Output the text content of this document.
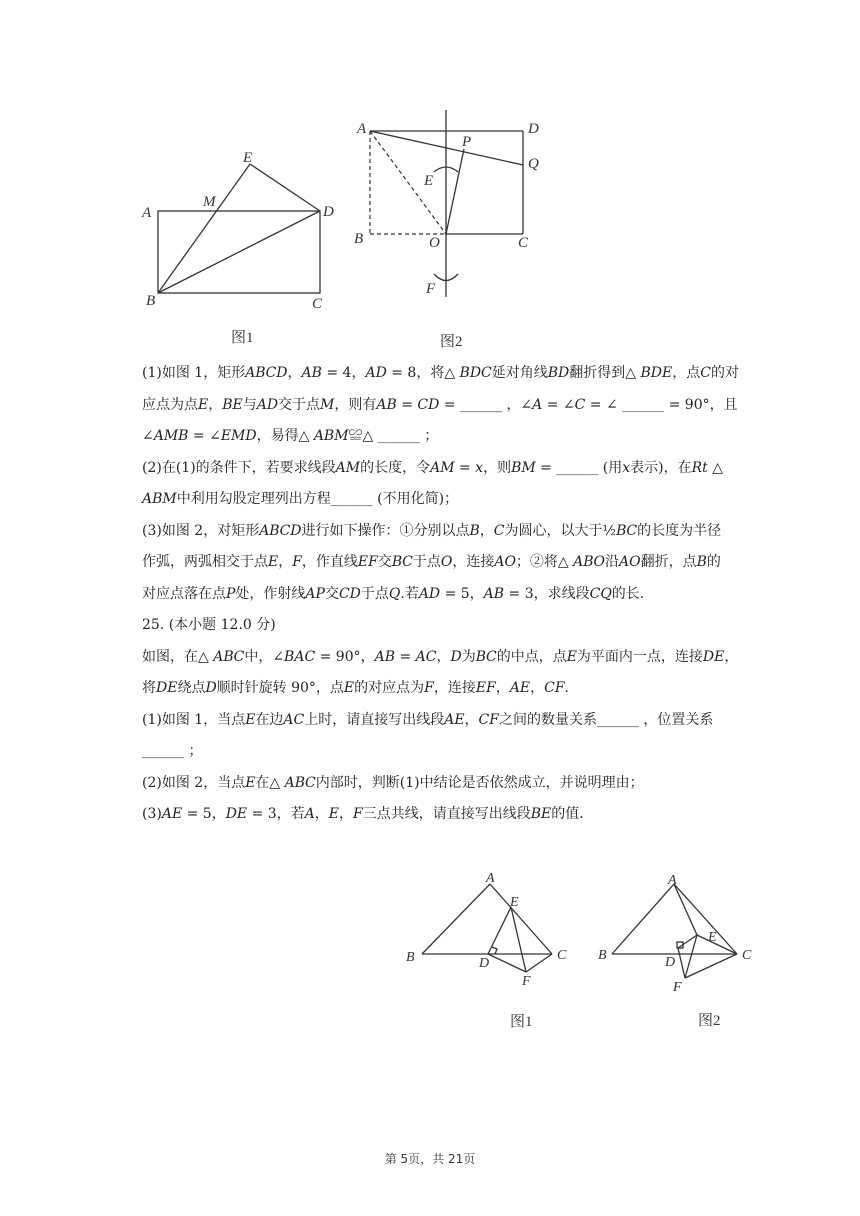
A
B	C
D
E
M
图1
A
B	C
D
P
Q
E
F
O
图2
(1)如图 1，矩形𝐴𝐵𝐶𝐷，𝐴𝐵 = 4，𝐴𝐷 = 8，将△ 𝐵𝐷𝐶延对角线𝐵𝐷翻折得到△ 𝐵𝐷𝐸，点𝐶的对
应点为点𝐸，𝐵𝐸与𝐴𝐷交于点𝑀，则有𝐴𝐵 = 𝐶𝐷 = ______ ，∠𝐴 = ∠𝐶 = ∠ ______ = 90°，且
∠𝐴𝑀𝐵 = ∠𝐸𝑀𝐷，易得△ 𝐴𝐵𝑀≌△ ______ ；
(2)在(1)的条件下，若要求线段𝐴𝑀的长度，令𝐴𝑀 = 𝑥，则𝐵𝑀 = ______ (用𝑥表示)，在𝑅𝑡 △
𝐴𝐵𝑀中利用勾股定理列出方程______ (不用化简)；
(3)如图 2，对矩形𝐴𝐵𝐶𝐷进行如下操作：①分别以点𝐵，𝐶为圆心，以大于½𝐵𝐶的长度为半径
作弧，两弧相交于点𝐸，𝐹，作直线𝐸𝐹交𝐵𝐶于点𝑂，连接𝐴𝑂；②将△ 𝐴𝐵𝑂沿𝐴𝑂翻折，点𝐵的
对应点落在点𝑃处，作射线𝐴𝑃交𝐶𝐷于点𝑄.若𝐴𝐷 = 5，𝐴𝐵 = 3，求线段𝐶𝑄的长.
25. (本小题 12.0 分)
如图，在△ 𝐴𝐵𝐶中，∠𝐵𝐴𝐶 = 90°，𝐴𝐵 = 𝐴𝐶，𝐷为𝐵𝐶的中点，点𝐸为平面内一点，连接𝐷𝐸，
将𝐷𝐸绕点𝐷顺时针旋转 90°，点𝐸的对应点为𝐹，连接𝐸𝐹，𝐴𝐸，𝐶𝐹.
(1)如图 1，当点𝐸在边𝐴𝐶上时，请直接写出线段𝐴𝐸，𝐶𝐹之间的数量关系______ ，位置关系
______ ；
(2)如图 2，当点𝐸在△ 𝐴𝐵𝐶内部时，判断(1)中结论是否依然成立，并说明理由；
(3)𝐴𝐸 = 5，𝐷𝐸 = 3，若𝐴，𝐸，𝐹三点共线，请直接写出线段𝐵𝐸的值.
A
B	C
D
E
F
图1
A
B	C
D
E
F
图2
第 5页，共 21页
